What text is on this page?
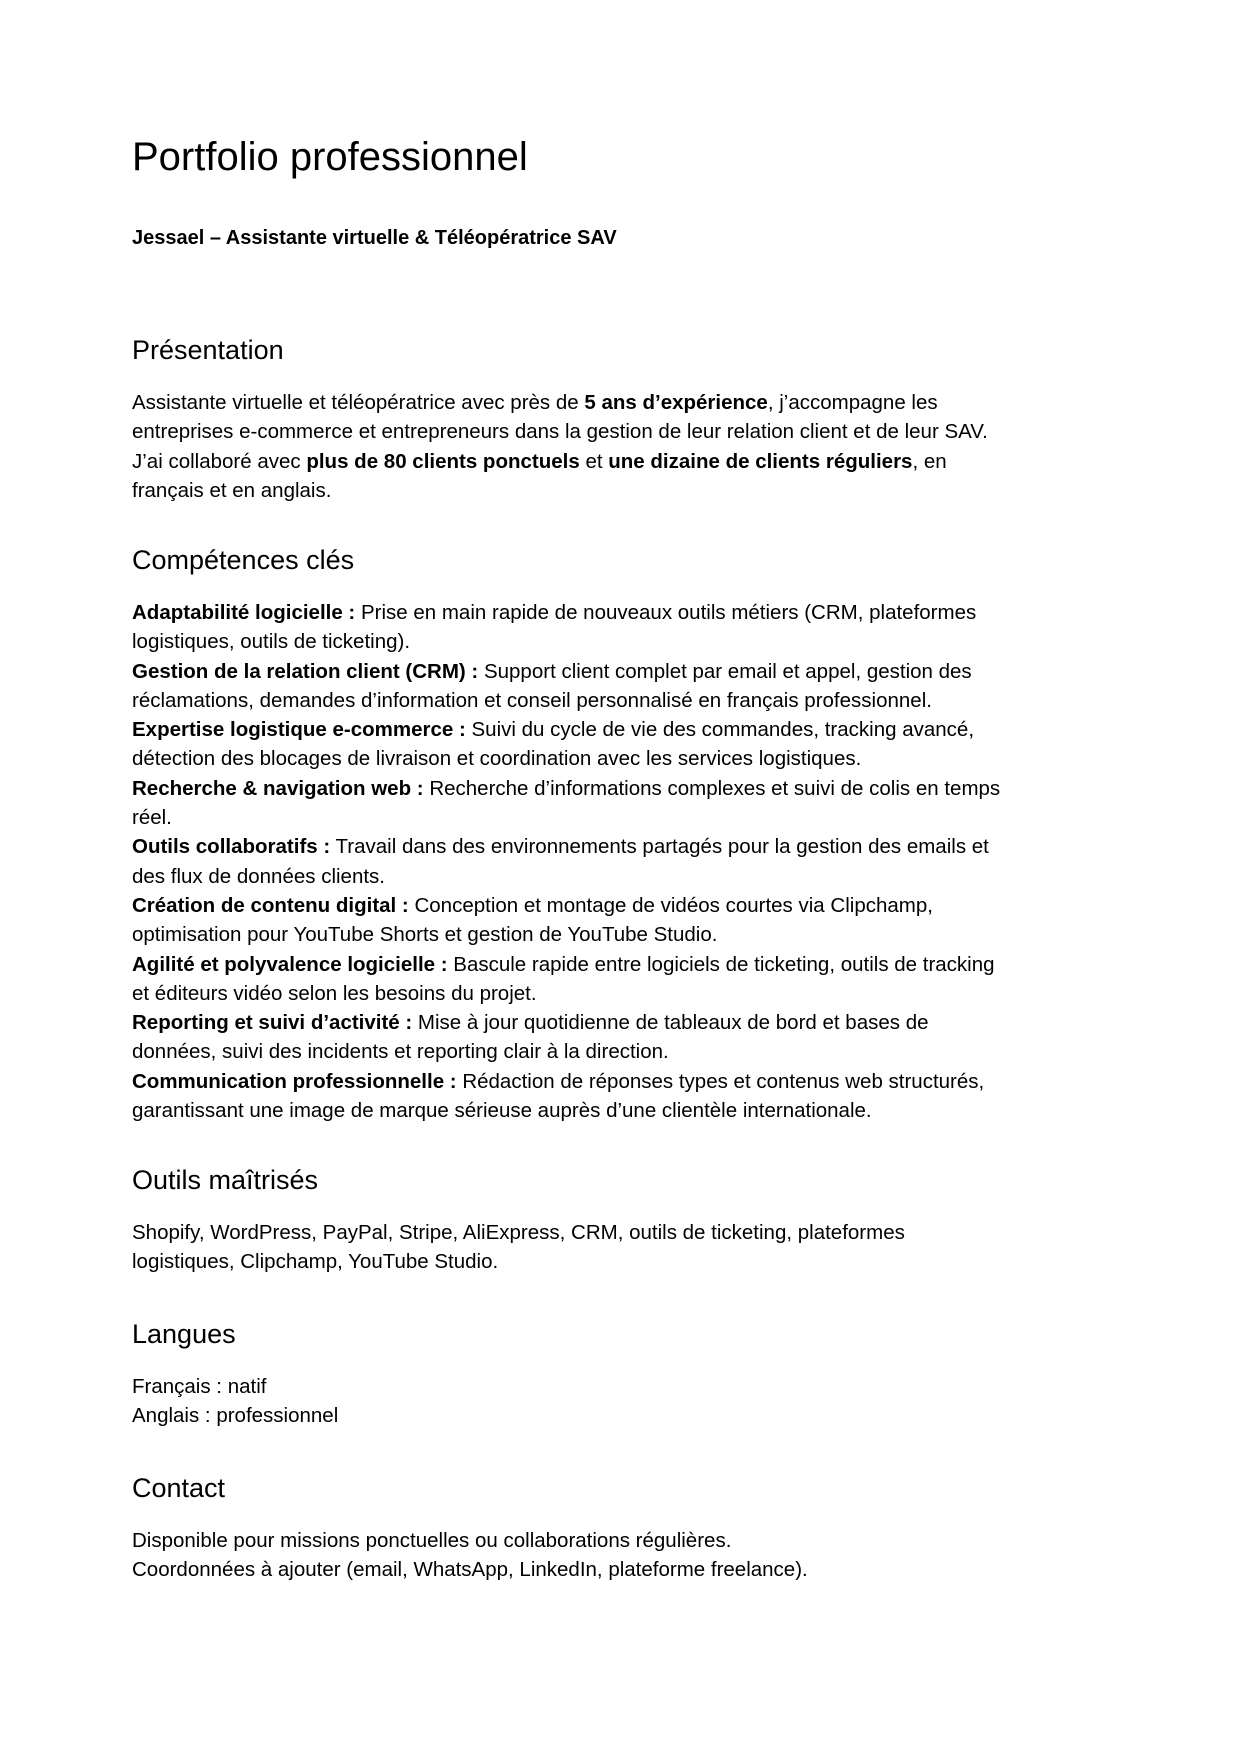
Portfolio professionnel

Jessael – Assistante virtuelle & Téléopératrice SAV

Présentation
Assistante virtuelle et téléopératrice avec près de 5 ans d’expérience, j’accompagne les
entreprises e-commerce et entrepreneurs dans la gestion de leur relation client et de leur SAV.
J’ai collaboré avec plus de 80 clients ponctuels et une dizaine de clients réguliers, en
français et en anglais.
Compétences clés
Adaptabilité logicielle : Prise en main rapide de nouveaux outils métiers (CRM, plateformes
logistiques, outils de ticketing).
Gestion de la relation client (CRM) : Support client complet par email et appel, gestion des
réclamations, demandes d’information et conseil personnalisé en français professionnel.
Expertise logistique e-commerce : Suivi du cycle de vie des commandes, tracking avancé,
détection des blocages de livraison et coordination avec les services logistiques.
Recherche & navigation web : Recherche d’informations complexes et suivi de colis en temps
réel.
Outils collaboratifs : Travail dans des environnements partagés pour la gestion des emails et
des flux de données clients.
Création de contenu digital : Conception et montage de vidéos courtes via Clipchamp,
optimisation pour YouTube Shorts et gestion de YouTube Studio.
Agilité et polyvalence logicielle : Bascule rapide entre logiciels de ticketing, outils de tracking
et éditeurs vidéo selon les besoins du projet.
Reporting et suivi d’activité : Mise à jour quotidienne de tableaux de bord et bases de
données, suivi des incidents et reporting clair à la direction.
Communication professionnelle : Rédaction de réponses types et contenus web structurés,
garantissant une image de marque sérieuse auprès d’une clientèle internationale.
Outils maîtrisés
Shopify, WordPress, PayPal, Stripe, AliExpress, CRM, outils de ticketing, plateformes
logistiques, Clipchamp, YouTube Studio.
Langues
Français : natif
Anglais : professionnel
Contact
Disponible pour missions ponctuelles ou collaborations régulières.
Coordonnées à ajouter (email, WhatsApp, LinkedIn, plateforme freelance).
